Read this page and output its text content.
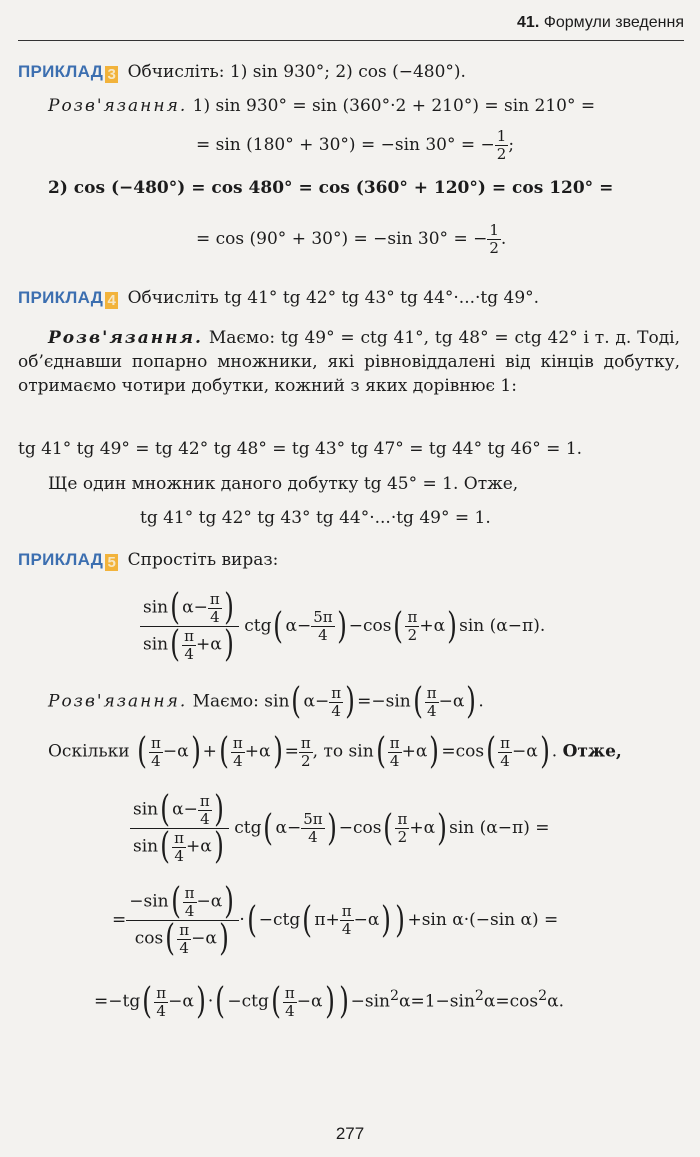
41. Формули зведення
ПРИКЛАД 3 Обчисліть: 1) sin 930°; 2) cos (−480°).
Розв'язання. 1) sin 930° = sin (360°·2 + 210°) = sin 210° =
= sin (180° + 30°) = −sin 30° = − $\frac{1}{2}$ ;
2) cos (−480°) = cos 480° = cos (360° + 120°) = cos 120° =
= cos (90° + 30°) = −sin 30° = − $\frac{1}{2}$ .
ПРИКЛАД 4 Обчисліть tg 41° tg 42° tg 43° tg 44°·...·tg 49°.
Розв'язання. Маємо: tg 49° = ctg 41°, tg 48° = ctg 42° і т. д. Тоді, об’єднавши попарно множники, які рівновіддалені від кінців добутку, отримаємо чотири добутки, кожний з яких дорівнює 1:
tg 41° tg 49° = tg 42° tg 48° = tg 43° tg 47° = tg 44° tg 46° = 1.
Ще один множник даного добутку tg 45° = 1. Отже,
tg 41° tg 42° tg 43° tg 44°·...·tg 49° = 1.
ПРИКЛАД 5 Спростіть вираз:
$\frac{\sin( \alpha- \frac{\pi}{4} )}{\sin( \frac{\pi}{4} +\alpha)} ctg$( $\alpha- \frac{5\pi}{4}$ ) $-\cos( \frac{\pi}{2} +\alpha)$ sin (α−π).
Розв'язання. Маємо: sin( $\alpha- \frac{\pi}{4}$ ) $=-\sin( \frac{\pi}{4} -\alpha)$ .
Оскільки ( $\frac{\pi}{4} -\alpha$) +( $\frac{\pi}{4} +\alpha) = \frac{\pi}{2}$ , то $\sin( \frac{\pi}{4} +\alpha) =\cos( \frac{\pi}{4} -\alpha)$ . Отже,
$\frac{\sin( \alpha- \frac{\pi}{4} )}{\sin( \frac{\pi}{4} +\alpha)} ctg$( $\alpha- \frac{5\pi}{4}$ ) $-\cos( \frac{\pi}{2} +\alpha)$ sin (α−π) =
= $\frac{-\sin( \frac{\pi}{4} -\alpha)}{\cos( \frac{\pi}{4} -\alpha)}$ ·( −ctg( $\pi+ \frac{\pi}{4} -\alpha$) ) +sin α·(−sin α) =
$=-tg( \frac{\pi}{4} -\alpha)$ ·( $-ctg( \frac{\pi}{4} -\alpha)$ ) $-\sin^2\alpha=1-\sin^2\alpha=\cos^2\alpha$.
277
